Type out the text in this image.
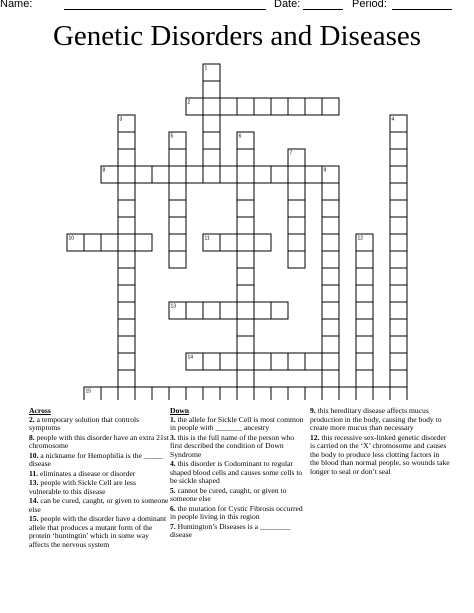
Name:	Date:	Period:
Genetic Disorders and Diseases
1
2
3	4
5	6
7
8	9
10	11	12
13
14
15
Across
2. a temporary solution that controls symptoms
8. people with this disorder have an extra 21st chromosome
10. a nickname for Hemophilia is the _____ disease
11. eliminates a disease or disorder
13. people with Sickle Cell are less vulnerable to this disease
14. can be cured, caught, or given to someone else
15. people with the disorder have a dominant allele that produces a mutant form of the protein ‘huntingtin’ which in some way affects the nervous system
Down
1. the allele for Sickle Cell is most common in people with _______ ancestry
3. this is the full name of the person who first described the condition of Down Syndrome
4. this disorder is Codominant to regular shaped blood cells and causes some cells to be sickle shaped
5. cannot be cured, caught, or given to someone else
6. the mutation for Cystic Fibrosis occurred in people living in this region
7. Huntington’s Diseases is a ________ disease
9. this hereditary disease affects mucus production in the body, causing the body to create more mucus than necessary
12. this recessive sex-linked genetic disorder is carried on the ‘X’ chromosome and causes the body to produce less clotting factors in the blood than normal people, so wounds take longer to seal or don’t seal
